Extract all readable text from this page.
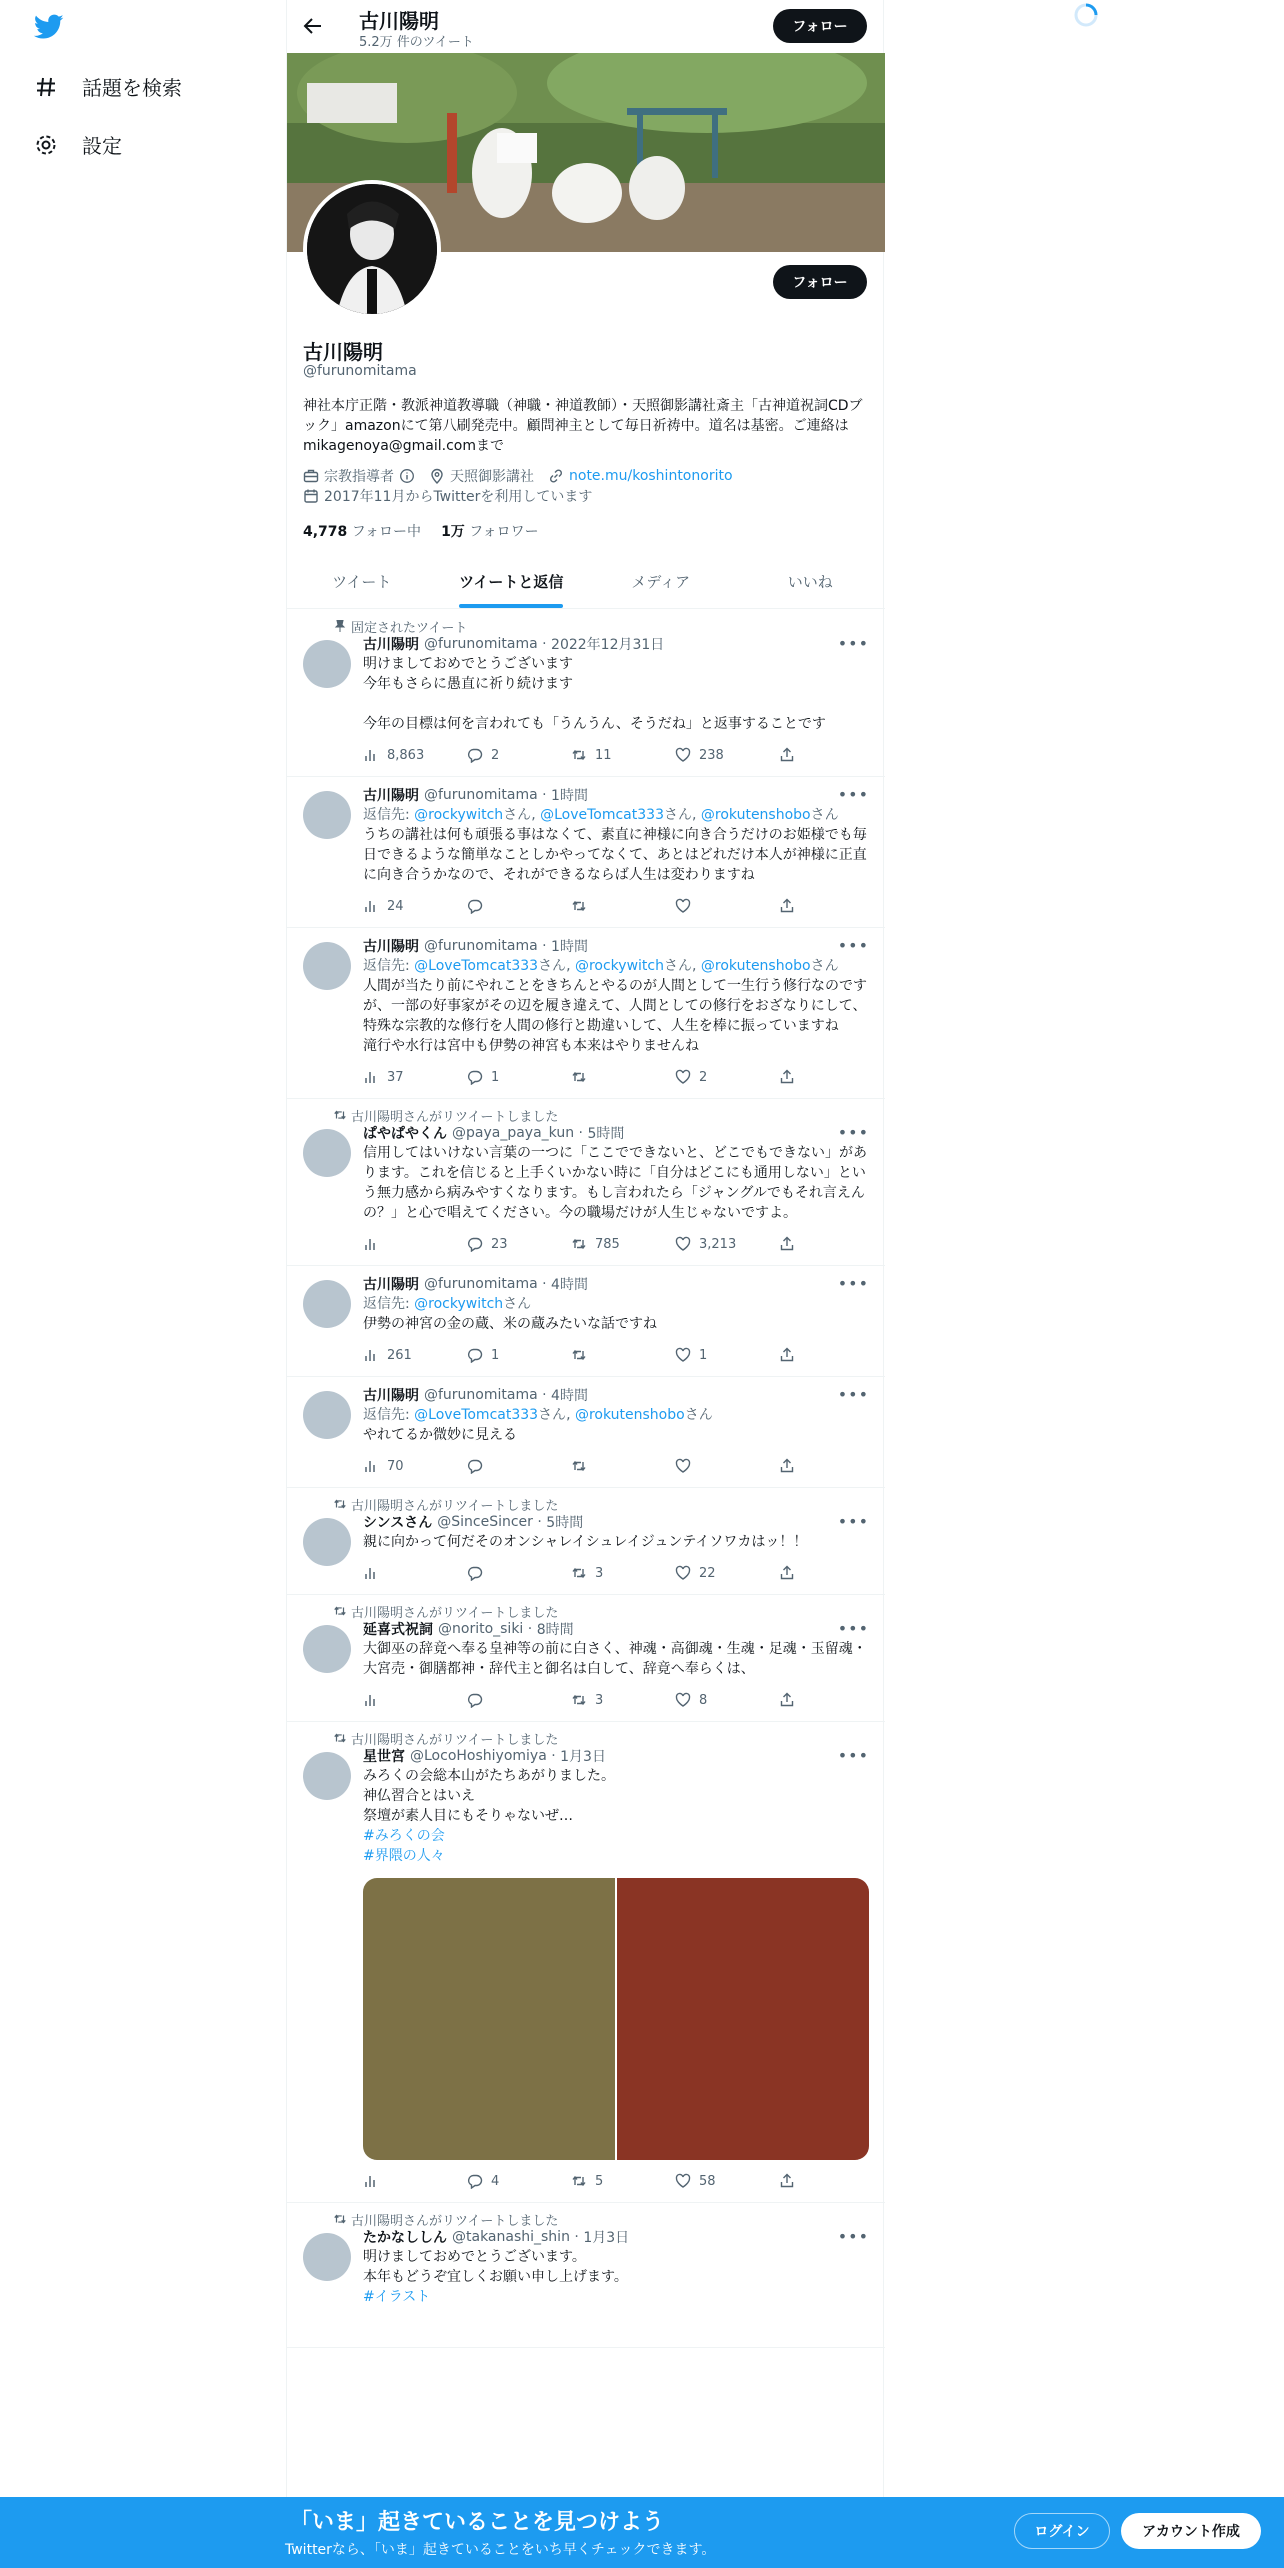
話題を検索
設定
古川陽明
5.2万 件のツイート
フォロー
フォロー
古川陽明
@furunomitama
神社本庁正階・教派神道教導職（神職・神道教師）・天照御影講社斎主「古神道祝詞CDブック」amazonにて第八刷発売中。顧問神主として毎日祈祷中。道名は基密。ご連絡はmikagenoya@gmail.comまで
宗教指導者	天照御影講社	note.mu/koshintonorito
2017年11月からTwitterを利用しています
4,778 フォロー中 1万 フォロワー
ツイート	ツイートと返信	メディア	いいね
固定されたツイート
古川陽明 @furunomitama · 2022年12月31日	•••
明けましておめでとうございます
今年もさらに愚直に祈り続けます

今年の目標は何を言われても「うんうん、そうだね」と返事することです
8,863	2	11	238
古川陽明 @furunomitama · 1時間	•••
返信先: @rockywitchさん, @LoveTomcat333さん, @rokutenshoboさん
うちの講社は何も頑張る事はなくて、素直に神様に向き合うだけのお姫様でも毎日できるような簡単なことしかやってなくて、あとはどれだけ本人が神様に正直に向き合うかなので、それができるならば人生は変わりますね
24
古川陽明 @furunomitama · 1時間	•••
返信先: @LoveTomcat333さん, @rockywitchさん, @rokutenshoboさん
人間が当たり前にやれことをきちんとやるのが人間として一生行う修行なのですが、一部の好事家がその辺を履き違えて、人間としての修行をおざなりにして、特殊な宗教的な修行を人間の修行と勘違いして、人生を棒に振っていますね
滝行や水行は宮中も伊勢の神宮も本来はやりませんね
37	1	2
古川陽明さんがリツイートしました
ぱやぱやくん @paya_paya_kun · 5時間	•••
信用してはいけない言葉の一つに「ここでできないと、どこでもできない」があります。これを信じると上手くいかない時に「自分はどこにも通用しない」という無力感から病みやすくなります。もし言われたら「ジャングルでもそれ言えんの？」と心で唱えてください。今の職場だけが人生じゃないですよ。
23	785	3,213
古川陽明 @furunomitama · 4時間	•••
返信先: @rockywitchさん
伊勢の神宮の金の蔵、米の蔵みたいな話ですね
261	1	1
古川陽明 @furunomitama · 4時間	•••
返信先: @LoveTomcat333さん, @rokutenshoboさん
やれてるか微妙に見える
70
古川陽明さんがリツイートしました
シンスさん @SinceSincer · 5時間	•••
親に向かって何だそのオンシャレイシュレイジュンテイソワカはッ！！
3	22
古川陽明さんがリツイートしました
延喜式祝詞 @norito_siki · 8時間	•••
大御巫の辞竟へ奉る皇神等の前に白さく、神魂・高御魂・生魂・足魂・玉留魂・大宮売・御膳都神・辞代主と御名は白して、辞竟へ奉らくは、
3	8
古川陽明さんがリツイートしました
星世宮 @LocoHoshiyomiya · 1月3日	•••
みろくの会総本山がたちあがりました。
神仏習合とはいえ
祭壇が素人目にもそりゃないぜ…

#みろくの会
#界隈の人々
4	5	58
古川陽明さんがリツイートしました
たかなししん @takanashi_shin · 1月3日	•••
明けましておめでとうございます。
本年もどうぞ宜しくお願い申し上げます。
#イラスト
「いま」起きていることを見つけよう
Twitterなら、「いま」起きていることをいち早くチェックできます。
ログイン	アカウント作成
